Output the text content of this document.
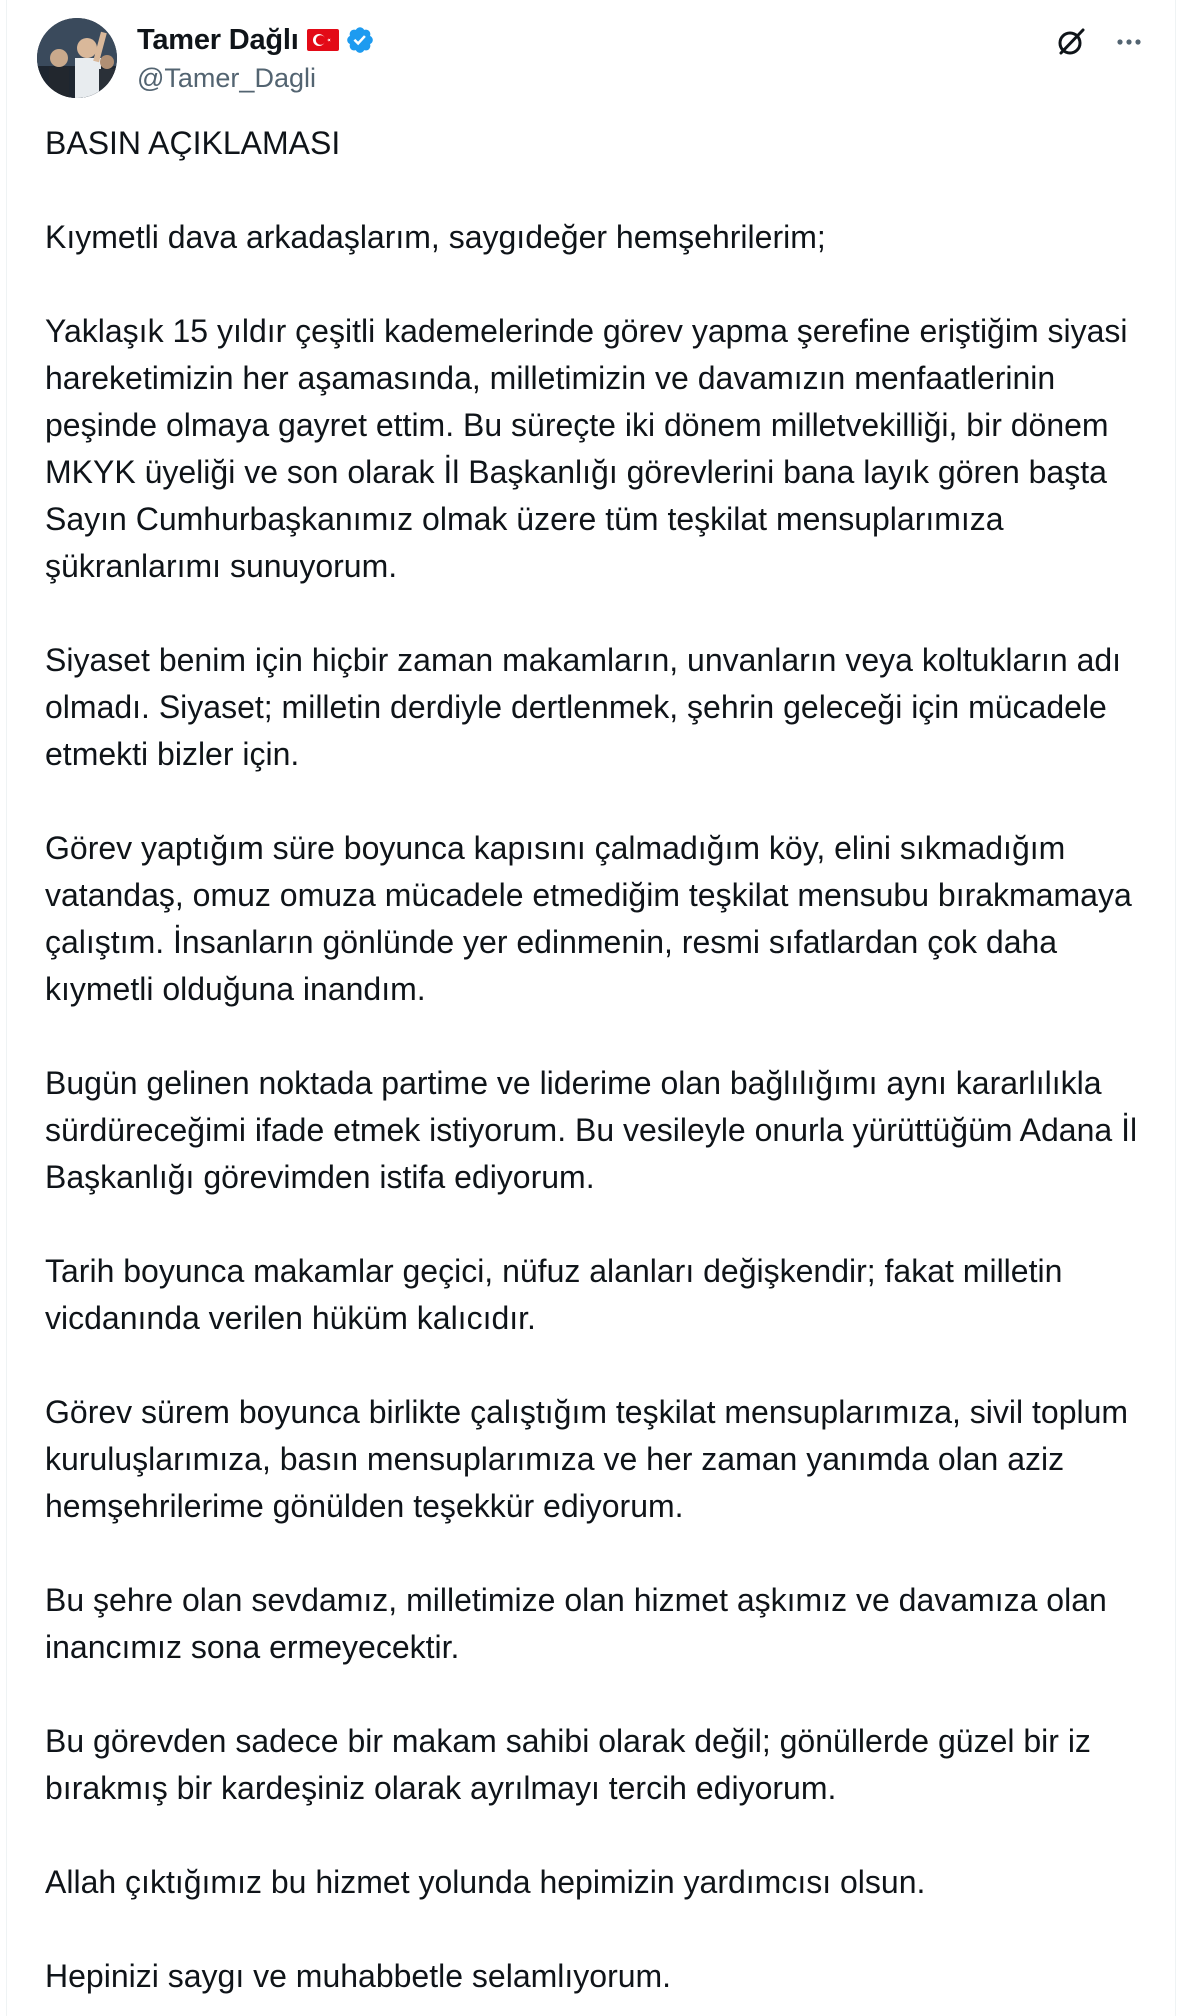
Tamer Dağlı
@Tamer_Dagli

BASIN AÇIKLAMASI

Kıymetli dava arkadaşlarım, saygıdeğer hemşehrilerim;

Yaklaşık 15 yıldır çeşitli kademelerinde görev yapma şerefine eriştiğim siyasi hareketimizin her aşamasında, milletimizin ve davamızın menfaatlerinin peşinde olmaya gayret ettim. Bu süreçte iki dönem milletvekilliği, bir dönem MKYK üyeliği ve son olarak İl Başkanlığı görevlerini bana layık gören başta Sayın Cumhurbaşkanımız olmak üzere tüm teşkilat mensuplarımıza şükranlarımı sunuyorum.

Siyaset benim için hiçbir zaman makamların, unvanların veya koltukların adı olmadı. Siyaset; milletin derdiyle dertlenmek, şehrin geleceği için mücadele etmekti bizler için.

Görev yaptığım süre boyunca kapısını çalmadığım köy, elini sıkmadığım vatandaş, omuz omuza mücadele etmediğim teşkilat mensubu bırakmamaya çalıştım. İnsanların gönlünde yer edinmenin, resmi sıfatlardan çok daha kıymetli olduğuna inandım.

Bugün gelinen noktada partime ve liderime olan bağlılığımı aynı kararlılıkla sürdüreceğimi ifade etmek istiyorum. Bu vesileyle onurla yürüttüğüm Adana İl Başkanlığı görevimden istifa ediyorum.

Tarih boyunca makamlar geçici, nüfuz alanları değişkendir; fakat milletin vicdanında verilen hüküm kalıcıdır.

Görev sürem boyunca birlikte çalıştığım teşkilat mensuplarımıza, sivil toplum kuruluşlarımıza, basın mensuplarımıza ve her zaman yanımda olan aziz hemşehrilerime gönülden teşekkür ediyorum.

Bu şehre olan sevdamız, milletimize olan hizmet aşkımız ve davamıza olan inancımız sona ermeyecektir.

Bu görevden sadece bir makam sahibi olarak değil; gönüllerde güzel bir iz bırakmış bir kardeşiniz olarak ayrılmayı tercih ediyorum.

Allah çıktığımız bu hizmet yolunda hepimizin yardımcısı olsun.

Hepinizi saygı ve muhabbetle selamlıyorum.
